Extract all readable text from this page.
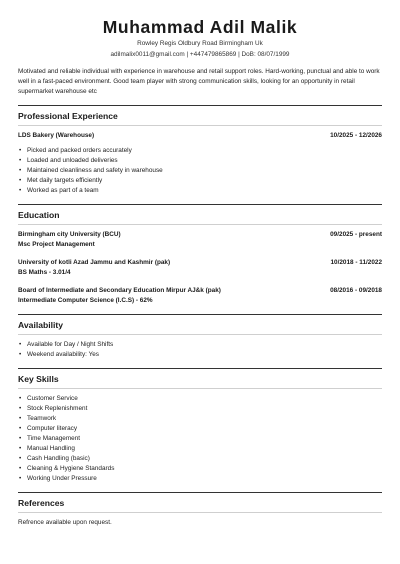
Muhammad Adil Malik
Rowley Regis Oldbury Road Birmingham Uk
adilmalix0011@gmail.com | +447479865869 | DoB: 08/07/1999
Motivated and reliable individual with experience in warehouse and retail support roles. Hard-working, punctual and able to work well in a fast-paced environment. Good team player with strong communication skills, looking for an opportunity in retail supermarket warehouse etc
Professional Experience
LDS Bakery (Warehouse)	10/2025 - 12/2026
• Picked and packed orders accurately
• Loaded and unloaded deliveries
• Maintained cleanliness and safety in warehouse
• Met daily targets efficiently
• Worked as part of a team
Education
Birmingham city University (BCU)	09/2025 - present
Msc Project Management
University of kotli Azad Jammu and Kashmir (pak)	10/2018 - 11/2022
BS Maths - 3.01/4
Board of Intermediate and Secondary Education Mirpur AJ&k (pak)	08/2016 - 09/2018
Intermediate Computer Science (I.C.S) - 62%
Availability
• Available for Day / Night Shifts
• Weekend availability: Yes
Key Skills
• Customer Service
• Stock Replenishment
• Teamwork
• Computer literacy
• Time Management
• Manual Handling
• Cash Handling (basic)
• Cleaning & Hygiene Standards
• Working Under Pressure
References
Refrence available upon request.
